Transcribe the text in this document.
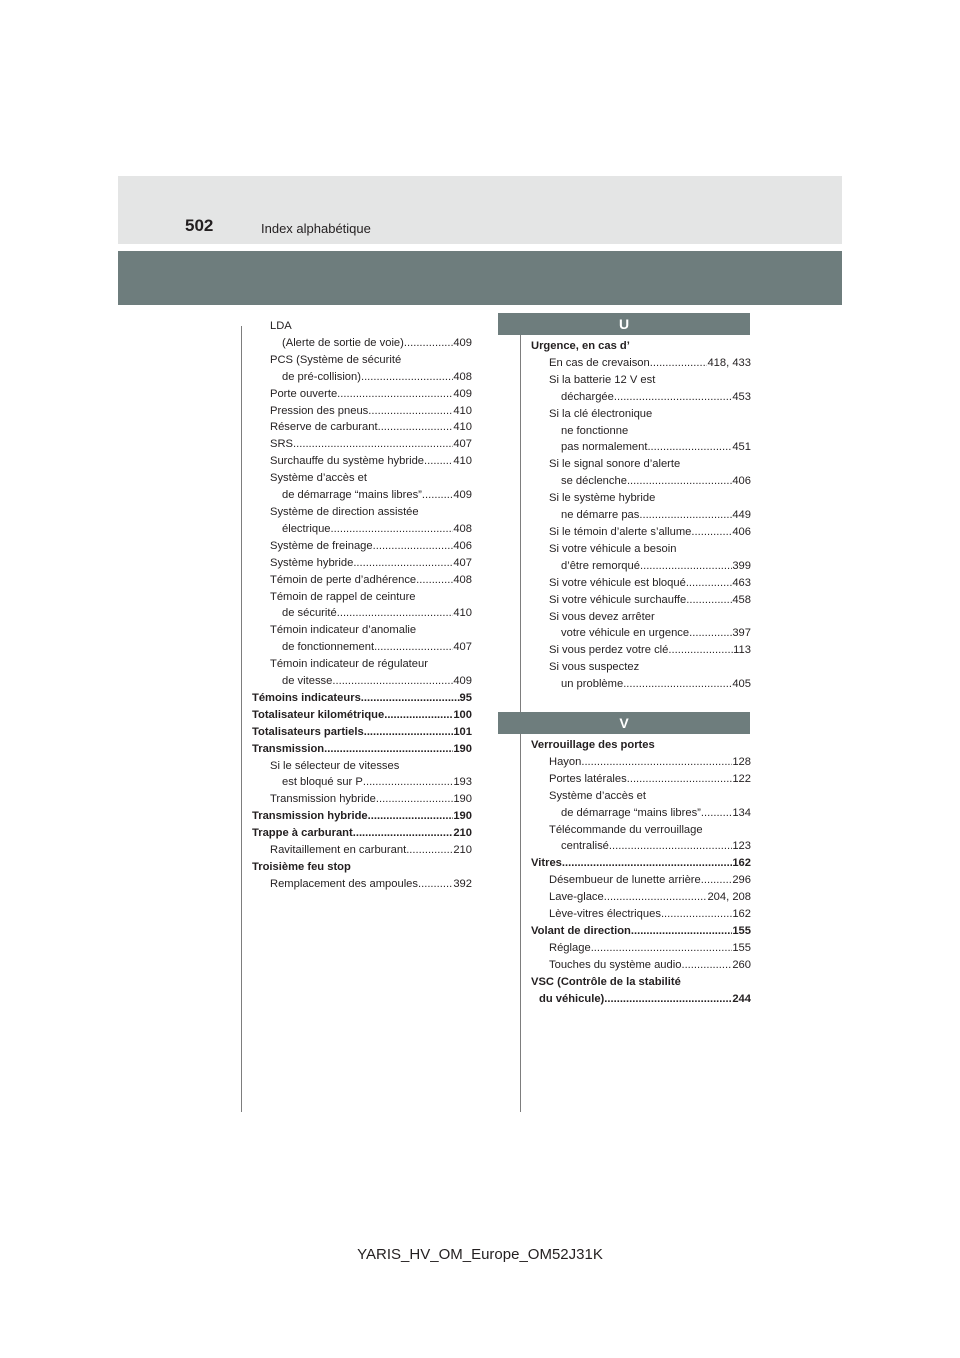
502	Index alphabétique
LDA
(Alerte de sortie de voie) .....	409
PCS (Système de sécurité
de pré-collision) .....	408
Porte ouverte .....	409
Pression des pneus .....	410
Réserve de carburant .....	410
SRS .....	407
Surchauffe du système hybride .....	410
Système d’accès et
de démarrage “mains libres” .....	409
Système de direction assistée
électrique .....	408
Système de freinage .....	406
Système hybride .....	407
Témoin de perte d’adhérence .....	408
Témoin de rappel de ceinture
de sécurité .....	410
Témoin indicateur d’anomalie
de fonctionnement .....	407
Témoin indicateur de régulateur
de vitesse .....	409
Témoins indicateurs .....	95
Totalisateur kilométrique .....	100
Totalisateurs partiels .....	101
Transmission .....	190
Si le sélecteur de vitesses
est bloqué sur P .....	193
Transmission hybride .....	190
Transmission hybride .....	190
Trappe à carburant .....	210
Ravitaillement en carburant .....	210
Troisième feu stop
Remplacement des ampoules .....	392
U
Urgence, en cas d’
En cas de crevaison .....	418, 433
Si la batterie 12 V est
déchargée .....	453
Si la clé électronique
ne fonctionne
pas normalement .....	451
Si le signal sonore d’alerte
se déclenche .....	406
Si le système hybride
ne démarre pas .....	449
Si le témoin d’alerte s’allume .....	406
Si votre véhicule a besoin
d’être remorqué .....	399
Si votre véhicule est bloqué .....	463
Si votre véhicule surchauffe .....	458
Si vous devez arrêter
votre véhicule en urgence .....	397
Si vous perdez votre clé .....	113
Si vous suspectez
un problème .....	405
V
Verrouillage des portes
Hayon .....	128
Portes latérales .....	122
Système d’accès et
de démarrage “mains libres” .....	134
Télécommande du verrouillage
centralisé .....	123
Vitres .....	162
Désembueur de lunette arrière .....	296
Lave-glace .....	204, 208
Lève-vitres électriques .....	162
Volant de direction .....	155
Réglage .....	155
Touches du système audio .....	260
VSC (Contrôle de la stabilité
du véhicule) .....	244
YARIS_HV_OM_Europe_OM52J31K
